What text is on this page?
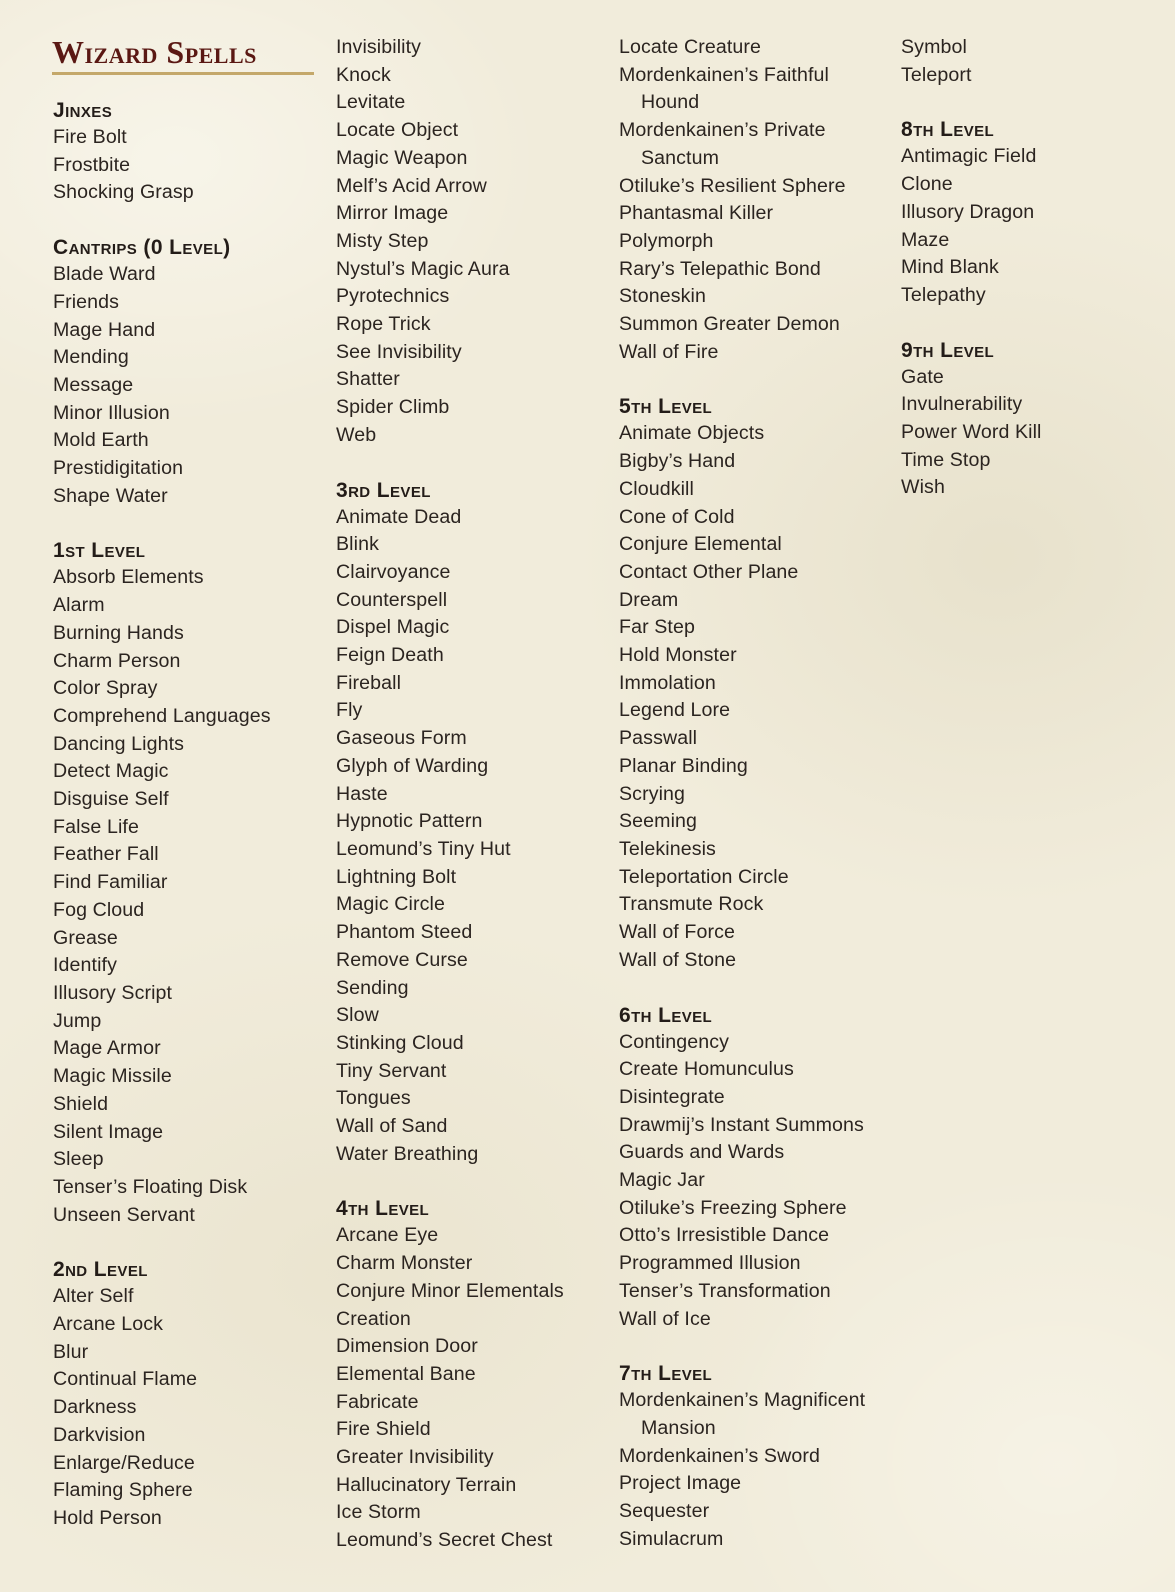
Wizard Spells
Jinxes
Fire Bolt
Frostbite
Shocking Grasp
Cantrips (0 Level)
Blade Ward
Friends
Mage Hand
Mending
Message
Minor Illusion
Mold Earth
Prestidigitation
Shape Water
1st Level
Absorb Elements
Alarm
Burning Hands
Charm Person
Color Spray
Comprehend Languages
Dancing Lights
Detect Magic
Disguise Self
False Life
Feather Fall
Find Familiar
Fog Cloud
Grease
Identify
Illusory Script
Jump
Mage Armor
Magic Missile
Shield
Silent Image
Sleep
Tenser’s Floating Disk
Unseen Servant
2nd Level
Alter Self
Arcane Lock
Blur
Continual Flame
Darkness
Darkvision
Enlarge/Reduce
Flaming Sphere
Hold Person
Invisibility
Knock
Levitate
Locate Object
Magic Weapon
Melf’s Acid Arrow
Mirror Image
Misty Step
Nystul’s Magic Aura
Pyrotechnics
Rope Trick
See Invisibility
Shatter
Spider Climb
Web
3rd Level
Animate Dead
Blink
Clairvoyance
Counterspell
Dispel Magic
Feign Death
Fireball
Fly
Gaseous Form
Glyph of Warding
Haste
Hypnotic Pattern
Leomund’s Tiny Hut
Lightning Bolt
Magic Circle
Phantom Steed
Remove Curse
Sending
Slow
Stinking Cloud
Tiny Servant
Tongues
Wall of Sand
Water Breathing
4th Level
Arcane Eye
Charm Monster
Conjure Minor Elementals
Creation
Dimension Door
Elemental Bane
Fabricate
Fire Shield
Greater Invisibility
Hallucinatory Terrain
Ice Storm
Leomund’s Secret Chest
Locate Creature
Mordenkainen’s Faithful
Hound
Mordenkainen’s Private
Sanctum
Otiluke’s Resilient Sphere
Phantasmal Killer
Polymorph
Rary’s Telepathic Bond
Stoneskin
Summon Greater Demon
Wall of Fire
5th Level
Animate Objects
Bigby’s Hand
Cloudkill
Cone of Cold
Conjure Elemental
Contact Other Plane
Dream
Far Step
Hold Monster
Immolation
Legend Lore
Passwall
Planar Binding
Scrying
Seeming
Telekinesis
Teleportation Circle
Transmute Rock
Wall of Force
Wall of Stone
6th Level
Contingency
Create Homunculus
Disintegrate
Drawmij’s Instant Summons
Guards and Wards
Magic Jar
Otiluke’s Freezing Sphere
Otto’s Irresistible Dance
Programmed Illusion
Tenser’s Transformation
Wall of Ice
7th Level
Mordenkainen’s Magnificent
Mansion
Mordenkainen’s Sword
Project Image
Sequester
Simulacrum
Symbol
Teleport
8th Level
Antimagic Field
Clone
Illusory Dragon
Maze
Mind Blank
Telepathy
9th Level
Gate
Invulnerability
Power Word Kill
Time Stop
Wish
